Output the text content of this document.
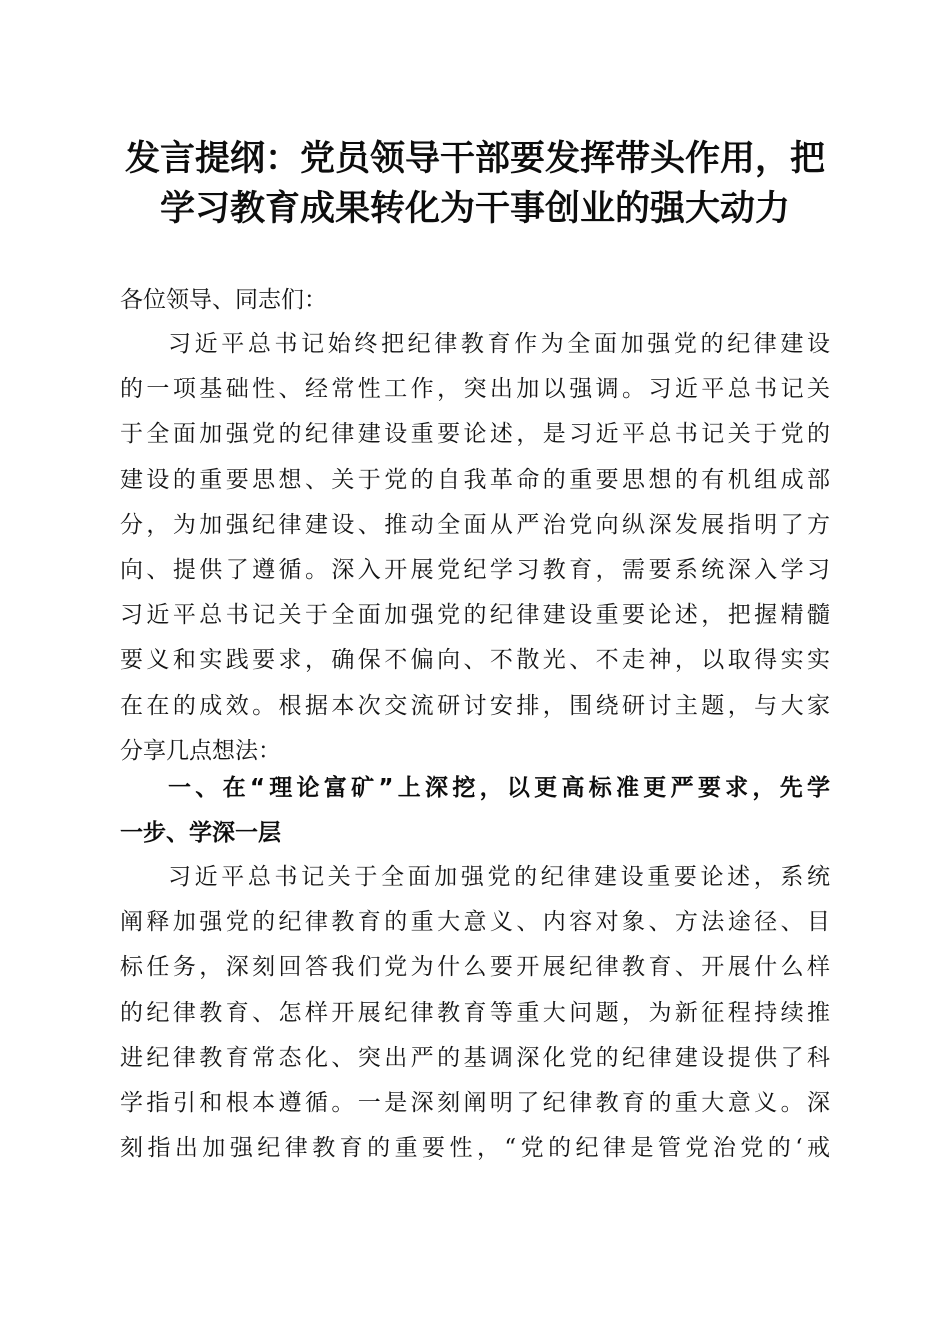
发言提纲：党员领导干部要发挥带头作用，把
学习教育成果转化为干事创业的强大动力
各位领导、同志们：
习近平总书记始终把纪律教育作为全面加强党的纪律建设
的一项基础性、经常性工作，突出加以强调。习近平总书记关
于全面加强党的纪律建设重要论述，是习近平总书记关于党的
建设的重要思想、关于党的自我革命的重要思想的有机组成部
分，为加强纪律建设、推动全面从严治党向纵深发展指明了方
向、提供了遵循。深入开展党纪学习教育，需要系统深入学习
习近平总书记关于全面加强党的纪律建设重要论述，把握精髓
要义和实践要求，确保不偏向、不散光、不走神，以取得实实
在在的成效。根据本次交流研讨安排，围绕研讨主题，与大家
分享几点想法：
一、在“理论富矿”上深挖，以更高标准更严要求，先学
一步、学深一层
习近平总书记关于全面加强党的纪律建设重要论述，系统
阐释加强党的纪律教育的重大意义、内容对象、方法途径、目
标任务，深刻回答我们党为什么要开展纪律教育、开展什么样
的纪律教育、怎样开展纪律教育等重大问题，为新征程持续推
进纪律教育常态化、突出严的基调深化党的纪律建设提供了科
学指引和根本遵循。一是深刻阐明了纪律教育的重大意义。深
刻指出加强纪律教育的重要性，“党的纪律是管党治党的‘戒
